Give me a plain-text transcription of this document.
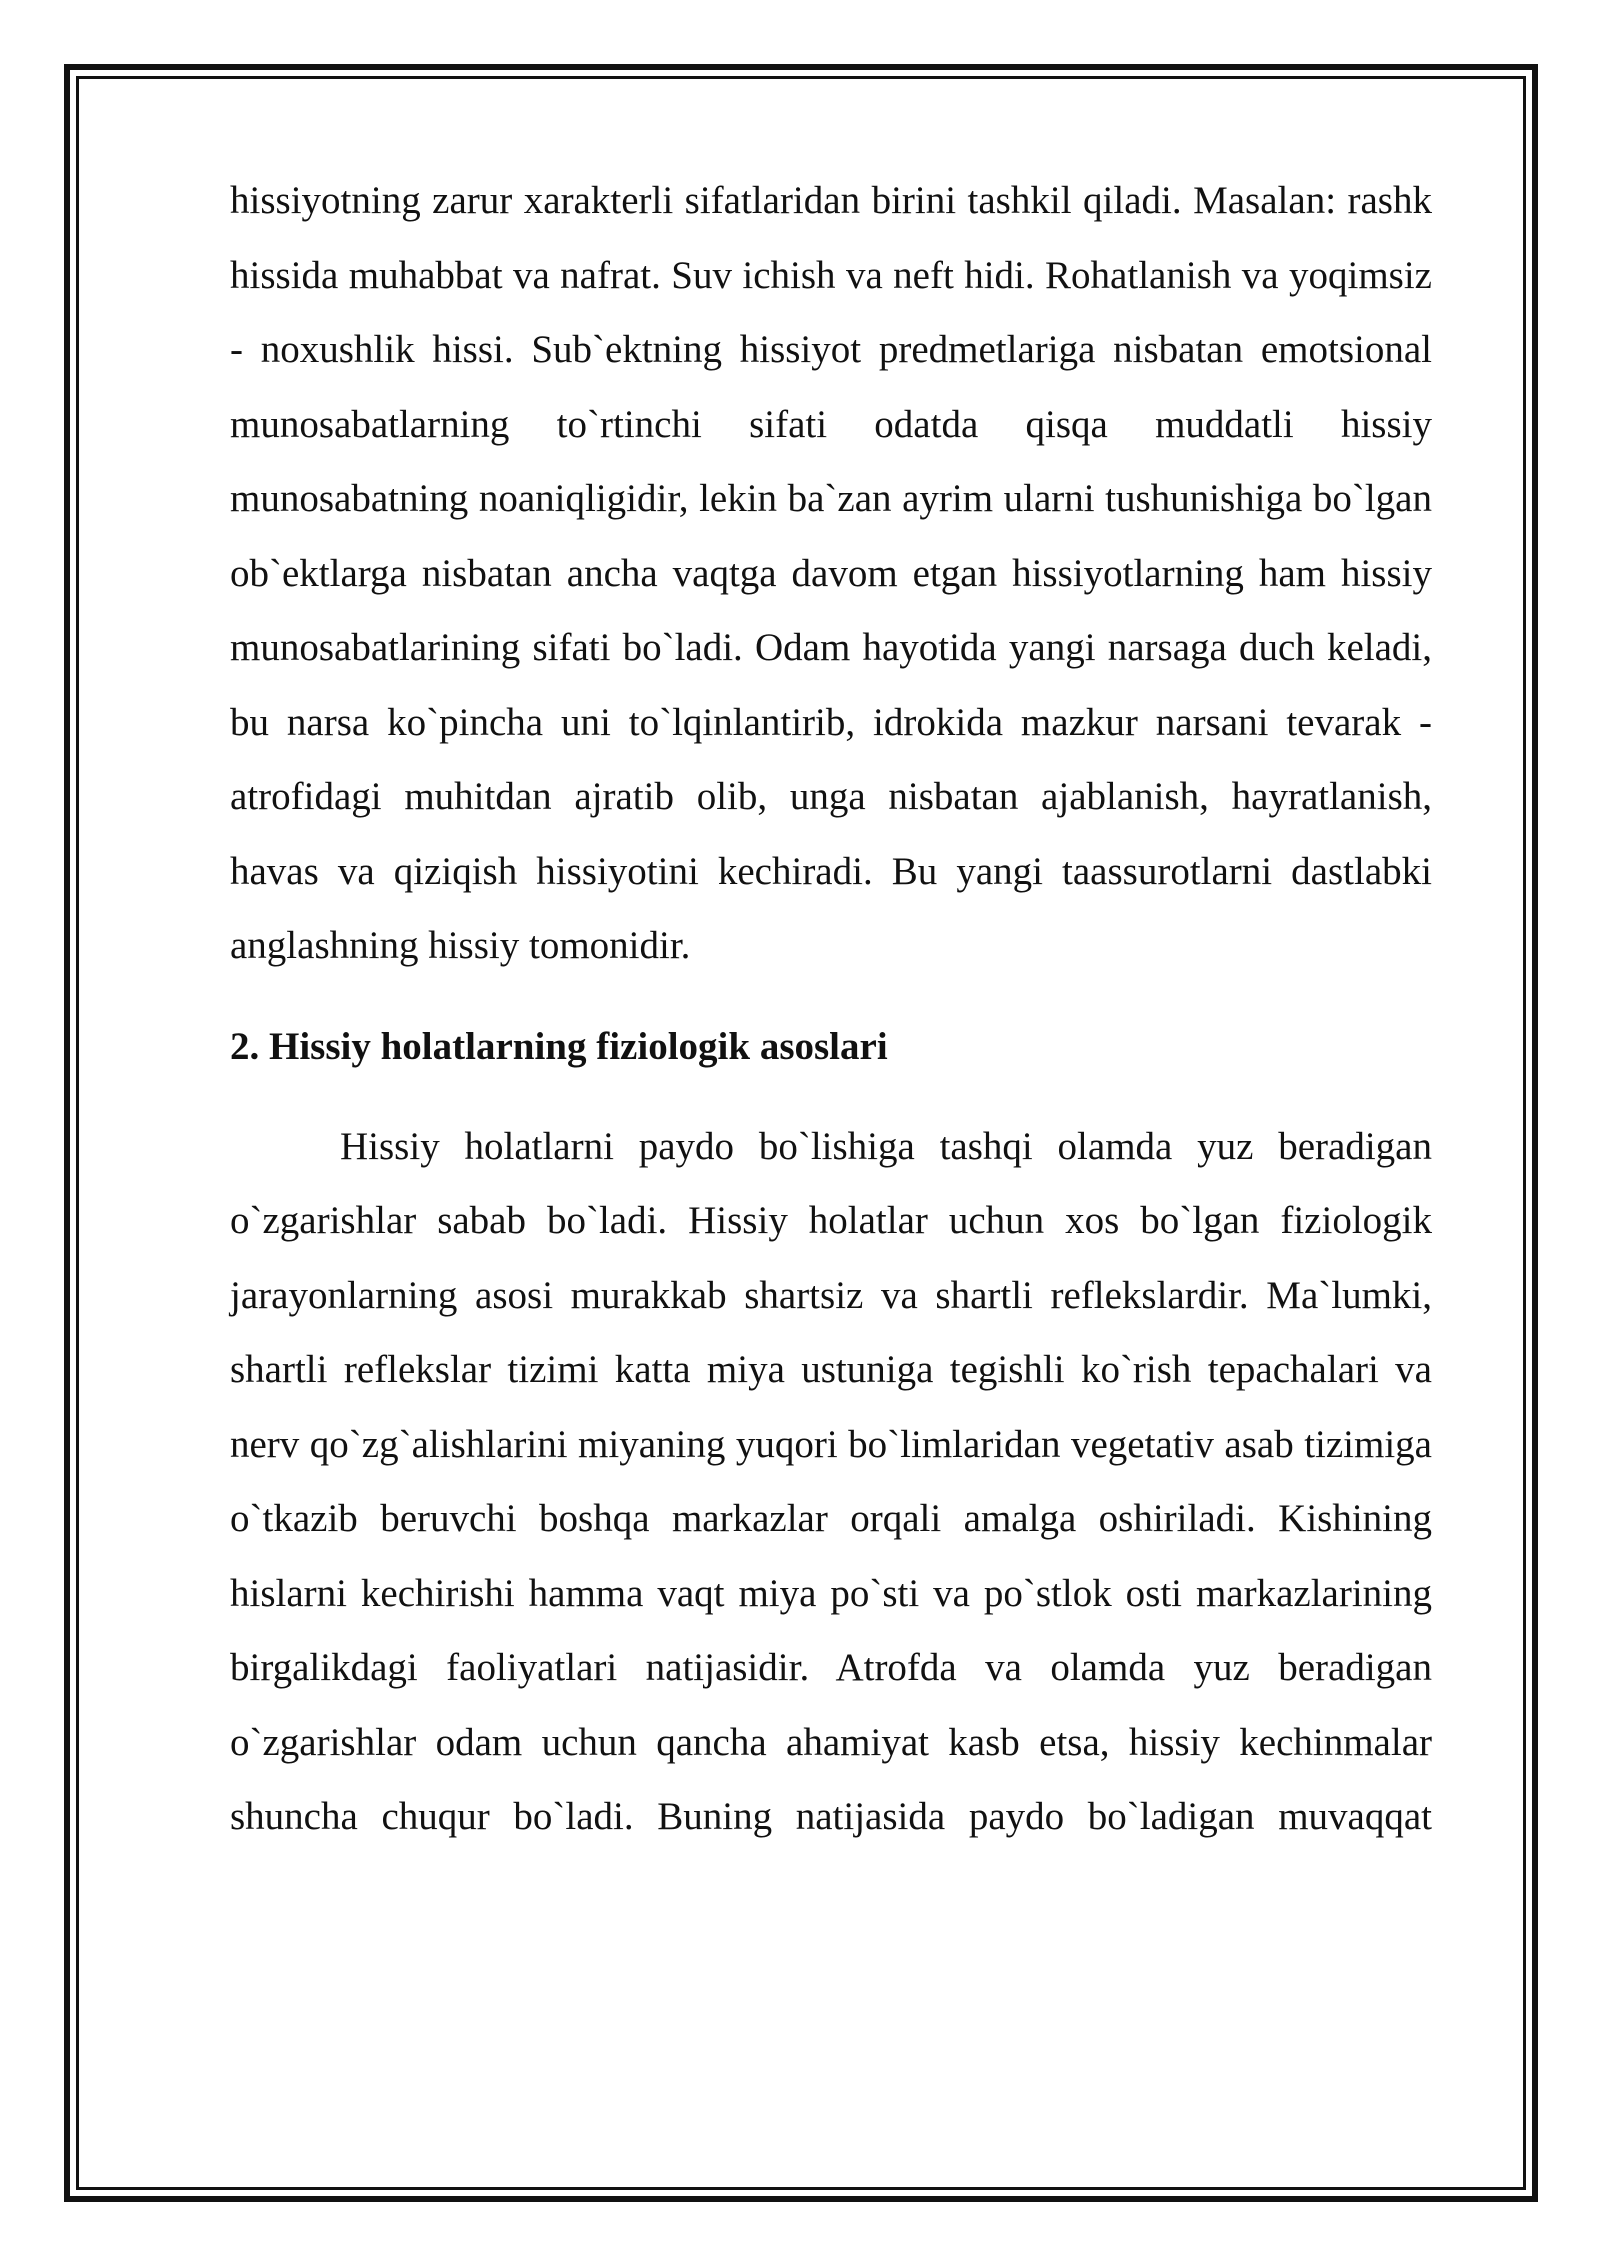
hissiyotning zarur xarakterli sifatlaridan birini tashkil qiladi. Masalan: rashk hissida muhabbat va nafrat. Suv ichish va neft hidi. Rohatlanish va yoqimsiz - noxushlik hissi. Sub`ektning hissiyot predmetlariga nisbatan emotsional munosabatlarning to`rtinchi sifati odatda qisqa muddatli hissiy munosabatning noaniqligidir, lekin ba`zan ayrim ularni tushunishiga bo`lgan ob`ektlarga nisbatan ancha vaqtga davom etgan hissiyotlarning ham hissiy munosabatlarining sifati bo`ladi. Odam hayotida yangi narsaga duch keladi, bu narsa ko`pincha uni to`lqinlantirib, idrokida mazkur narsani tevarak - atrofidagi muhitdan ajratib olib, unga nisbatan ajablanish, hayratlanish, havas va qiziqish hissiyotini kechiradi. Bu yangi taassurotlarni dastlabki anglashning hissiy tomonidir.

2. Hissiy holatlarning fiziologik asoslari

Hissiy holatlarni paydo bo`lishiga tashqi olamda yuz beradigan o`zgarishlar sabab bo`ladi. Hissiy holatlar uchun xos bo`lgan fiziologik jarayonlarning asosi murakkab shartsiz va shartli reflekslardir. Ma`lumki, shartli reflekslar tizimi katta miya ustuniga tegishli ko`rish tepachalari va nerv qo`zg`alishlarini miyaning yuqori bo`limlaridan vegetativ asab tizimiga o`tkazib beruvchi boshqa markazlar orqali amalga oshiriladi. Kishining hislarni kechirishi hamma vaqt miya po`sti va po`stlok osti markazlarining birgalikdagi faoliyatlari natijasidir. Atrofda va olamda yuz beradigan o`zgarishlar odam uchun qancha ahamiyat kasb etsa, hissiy kechinmalar shuncha chuqur bo`ladi. Buning natijasida paydo bo`ladigan muvaqqat
